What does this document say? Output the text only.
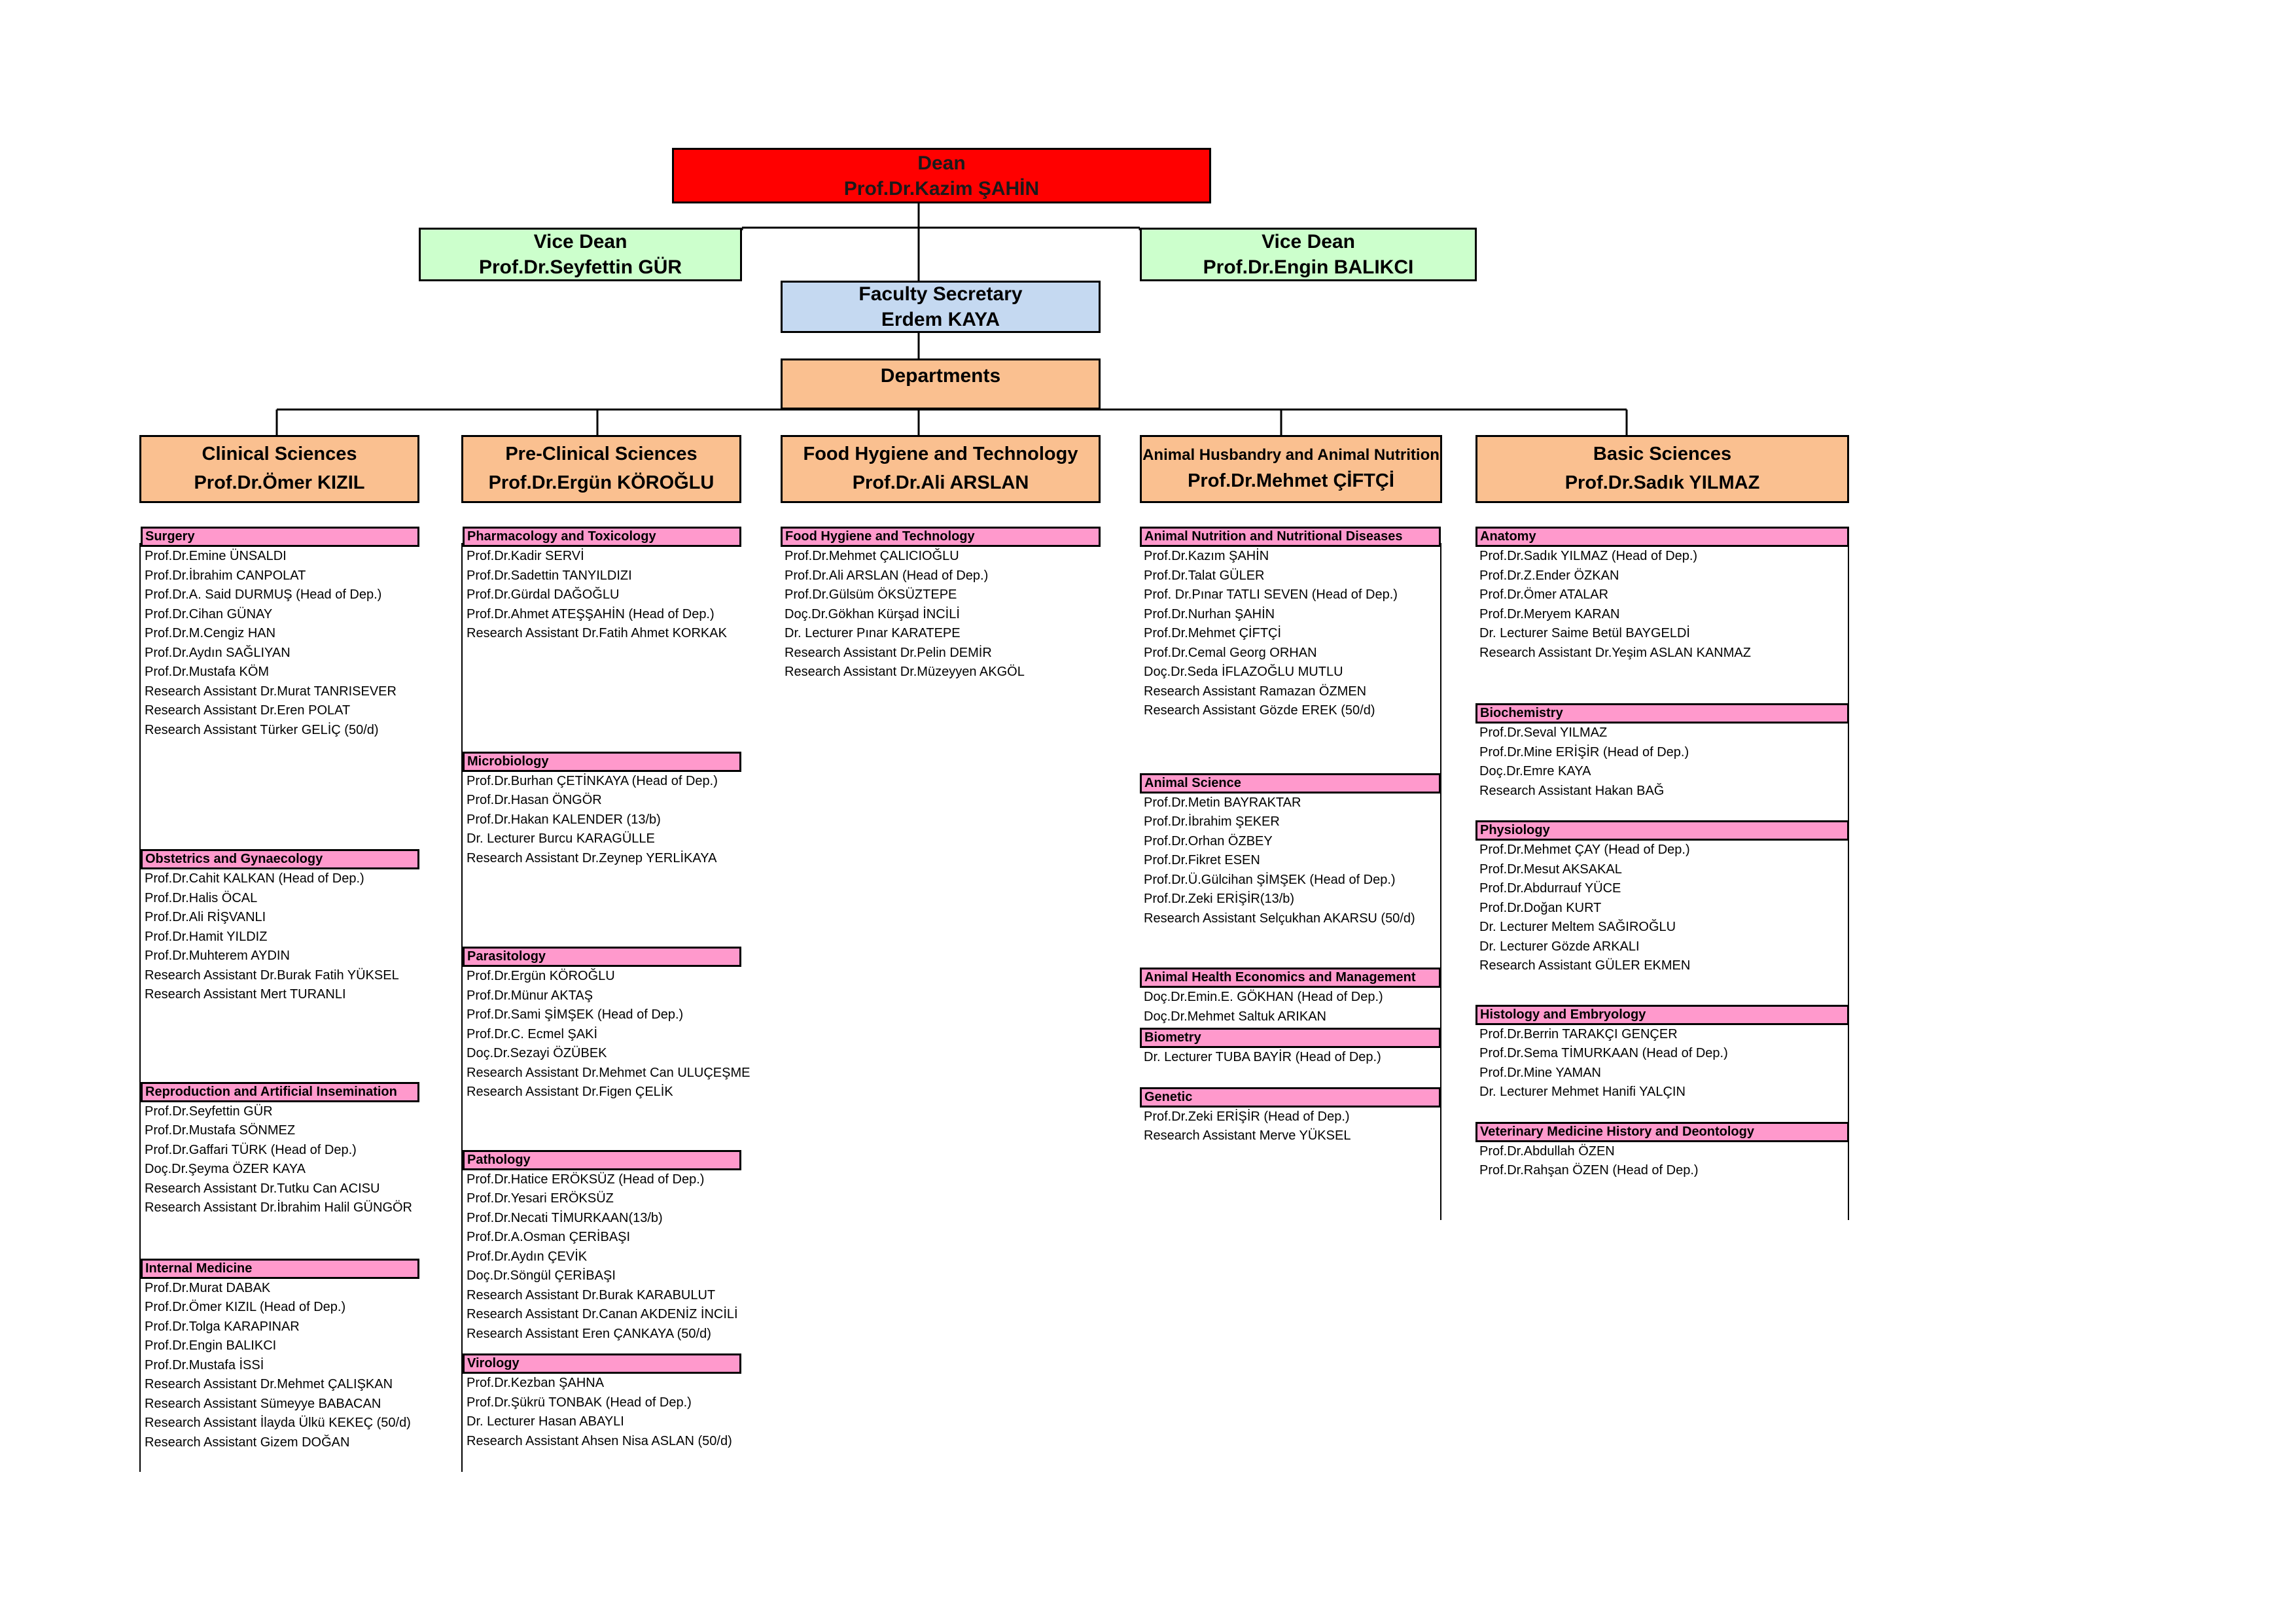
Dean
Prof.Dr.Kazim ŞAHİN
Vice Dean
Prof.Dr.Seyfettin GÜR
Vice Dean
Prof.Dr.Engin BALIKCI
Faculty Secretary
Erdem KAYA
Departments
Clinical Sciences
Prof.Dr.Ömer KIZIL
Pre-Clinical Sciences
Prof.Dr.Ergün KÖROĞLU
Food Hygiene and Technology
Prof.Dr.Ali ARSLAN
Animal Husbandry and Animal Nutrition
Prof.Dr.Mehmet ÇİFTÇİ
Basic Sciences
Prof.Dr.Sadık YILMAZ
Surgery
Prof.Dr.Emine ÜNSALDI
Prof.Dr.İbrahim CANPOLAT
Prof.Dr.A. Said DURMUŞ (Head of Dep.)
Prof.Dr.Cihan GÜNAY
Prof.Dr.M.Cengiz HAN
Prof.Dr.Aydın SAĞLIYAN
Prof.Dr.Mustafa KÖM
Research Assistant Dr.Murat TANRISEVER
Research Assistant Dr.Eren POLAT
Research Assistant Türker GELİÇ (50/d)
Obstetrics and Gynaecology
Prof.Dr.Cahit KALKAN (Head of Dep.)
Prof.Dr.Halis ÖCAL
Prof.Dr.Ali RİŞVANLI
Prof.Dr.Hamit YILDIZ
Prof.Dr.Muhterem AYDIN
Research Assistant Dr.Burak Fatih YÜKSEL
Research Assistant Mert TURANLI
Reproduction and Artificial Insemination
Prof.Dr.Seyfettin GÜR
Prof.Dr.Mustafa SÖNMEZ
Prof.Dr.Gaffari TÜRK (Head of Dep.)
Doç.Dr.Şeyma ÖZER KAYA
Research Assistant Dr.Tutku Can ACISU
Research Assistant Dr.İbrahim Halil GÜNGÖR
Internal Medicine
Prof.Dr.Murat DABAK
Prof.Dr.Ömer KIZIL (Head of Dep.)
Prof.Dr.Tolga KARAPINAR
Prof.Dr.Engin BALIKCI
Prof.Dr.Mustafa İSSİ
Research Assistant Dr.Mehmet ÇALIŞKAN
Research Assistant Sümeyye BABACAN
Research Assistant İlayda Ülkü KEKEÇ (50/d)
Research Assistant Gizem DOĞAN
Pharmacology and Toxicology
Prof.Dr.Kadir SERVİ
Prof.Dr.Sadettin TANYILDIZI
Prof.Dr.Gürdal DAĞOĞLU
Prof.Dr.Ahmet ATEŞŞAHİN (Head of Dep.)
Research Assistant Dr.Fatih Ahmet KORKAK
Microbiology
Prof.Dr.Burhan ÇETİNKAYA (Head of Dep.)
Prof.Dr.Hasan ÖNGÖR
Prof.Dr.Hakan KALENDER (13/b)
Dr. Lecturer Burcu KARAGÜLLE
Research Assistant Dr.Zeynep YERLİKAYA
Parasitology
Prof.Dr.Ergün KÖROĞLU
Prof.Dr.Münur AKTAŞ
Prof.Dr.Sami ŞİMŞEK (Head of Dep.)
Prof.Dr.C. Ecmel ŞAKİ
Doç.Dr.Sezayi ÖZÜBEK
Research Assistant Dr.Mehmet Can ULUÇEŞME
Research Assistant Dr.Figen ÇELİK
Pathology
Prof.Dr.Hatice ERÖKSÜZ (Head of Dep.)
Prof.Dr.Yesari ERÖKSÜZ
Prof.Dr.Necati TİMURKAAN(13/b)
Prof.Dr.A.Osman ÇERİBAŞI
Prof.Dr.Aydın ÇEVİK
Doç.Dr.Söngül ÇERİBAŞI
Research Assistant Dr.Burak KARABULUT
Research Assistant Dr.Canan AKDENİZ İNCİLİ
Research Assistant Eren ÇANKAYA (50/d)
Virology
Prof.Dr.Kezban ŞAHNA
Prof.Dr.Şükrü TONBAK (Head of Dep.)
Dr. Lecturer Hasan ABAYLI
Research Assistant Ahsen Nisa ASLAN (50/d)
Food Hygiene and Technology
Prof.Dr.Mehmet ÇALICIOĞLU
Prof.Dr.Ali ARSLAN (Head of Dep.)
Prof.Dr.Gülsüm ÖKSÜZTEPE
Doç.Dr.Gökhan Kürşad İNCİLİ
Dr. Lecturer Pınar KARATEPE
Research Assistant Dr.Pelin DEMİR
Research Assistant Dr.Müzeyyen AKGÖL
Animal Nutrition and Nutritional Diseases
Prof.Dr.Kazım ŞAHİN
Prof.Dr.Talat GÜLER
Prof. Dr.Pınar TATLI SEVEN (Head of Dep.)
Prof.Dr.Nurhan ŞAHİN
Prof.Dr.Mehmet ÇİFTÇİ
Prof.Dr.Cemal Georg ORHAN
Doç.Dr.Seda İFLAZOĞLU MUTLU
Research Assistant Ramazan ÖZMEN
Research Assistant Gözde EREK (50/d)
Animal Science
Prof.Dr.Metin BAYRAKTAR
Prof.Dr.İbrahim ŞEKER
Prof.Dr.Orhan ÖZBEY
Prof.Dr.Fikret ESEN
Prof.Dr.Ü.Gülcihan ŞİMŞEK (Head of Dep.)
Prof.Dr.Zeki ERİŞİR(13/b)
Research Assistant Selçukhan AKARSU (50/d)
Animal Health Economics and Management
Doç.Dr.Emin.E. GÖKHAN (Head of Dep.)
Doç.Dr.Mehmet Saltuk ARIKAN
Biometry
Dr. Lecturer TUBA BAYİR (Head of Dep.)
Genetic
Prof.Dr.Zeki ERİŞİR (Head of Dep.)
Research Assistant Merve YÜKSEL
Anatomy
Prof.Dr.Sadık YILMAZ (Head of Dep.)
Prof.Dr.Z.Ender ÖZKAN
Prof.Dr.Ömer ATALAR
Prof.Dr.Meryem KARAN
Dr. Lecturer Saime Betül BAYGELDİ
Research Assistant Dr.Yeşim ASLAN KANMAZ
Biochemistry
Prof.Dr.Seval YILMAZ
Prof.Dr.Mine ERİŞİR (Head of Dep.)
Doç.Dr.Emre KAYA
Research Assistant Hakan BAĞ
Physiology
Prof.Dr.Mehmet ÇAY (Head of Dep.)
Prof.Dr.Mesut AKSAKAL
Prof.Dr.Abdurrauf YÜCE
Prof.Dr.Doğan KURT
Dr. Lecturer Meltem SAĞIROĞLU
Dr. Lecturer Gözde ARKALI
Research Assistant GÜLER EKMEN
Histology and Embryology
Prof.Dr.Berrin TARAKÇI GENÇER
Prof.Dr.Sema TİMURKAAN (Head of Dep.)
Prof.Dr.Mine YAMAN
Dr. Lecturer Mehmet Hanifi YALÇIN
Veterinary Medicine History and Deontology
Prof.Dr.Abdullah ÖZEN
Prof.Dr.Rahşan ÖZEN (Head of Dep.)
